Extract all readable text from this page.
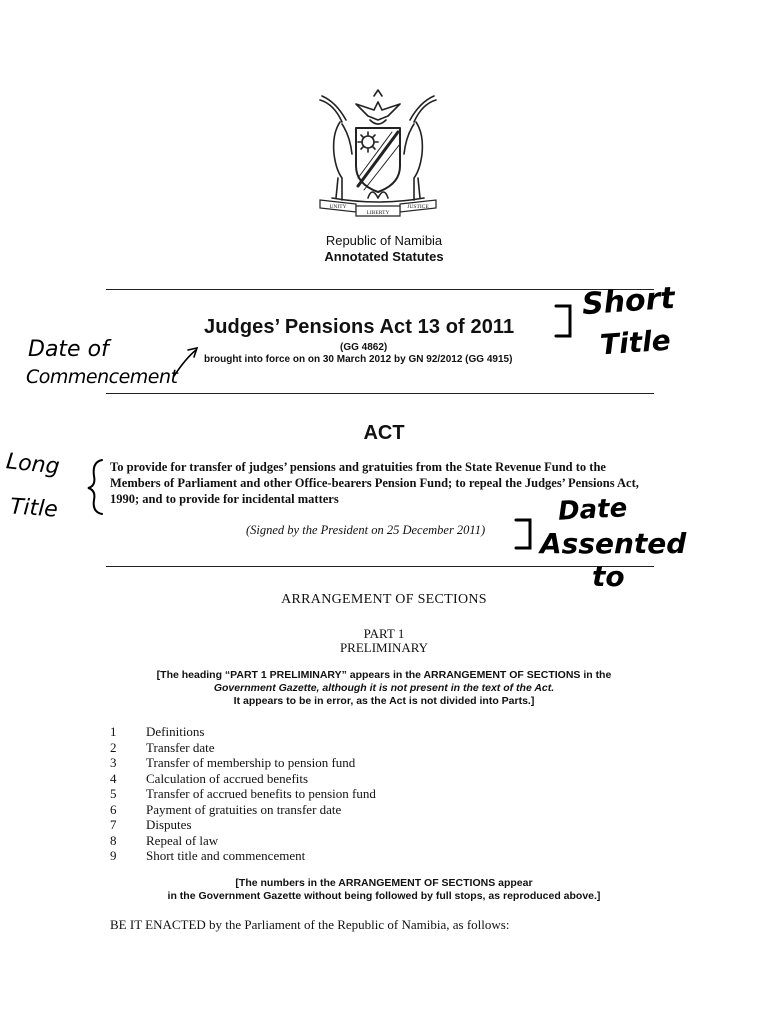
UNITY
LIBERTY
JUSTICE
Republic of Namibia
Annotated Statutes
Judges’ Pensions Act 13 of 2011
(GG 4862)
brought into force on on 30 March 2012 by GN 92/2012 (GG 4915)
ACT
To provide for transfer of judges’ pensions and gratuities from the State Revenue Fund to the Members of Parliament and other Office-bearers Pension Fund; to repeal the Judges’ Pensions Act, 1990; and to provide for incidental matters
(Signed by the President on 25 December 2011)
ARRANGEMENT OF SECTIONS
PART 1
PRELIMINARY
[The heading “PART 1 PRELIMINARY” appears in the ARRANGEMENT OF SECTIONS in the
Government Gazette, although it is not present in the text of the Act.
It appears to be in error, as the Act is not divided into Parts.]
1 Definitions
2 Transfer date
3 Transfer of membership to pension fund
4 Calculation of accrued benefits
5 Transfer of accrued benefits to pension fund
6 Payment of gratuities on transfer date
7 Disputes
8 Repeal of law
9 Short title and commencement
[The numbers in the ARRANGEMENT OF SECTIONS appear
in the Government Gazette without being followed by full stops, as reproduced above.]
BE IT ENACTED by the Parliament of the Republic of Namibia, as follows:
Short
Title
Date of
Commencement
Long
Title	Date
Assented
to
